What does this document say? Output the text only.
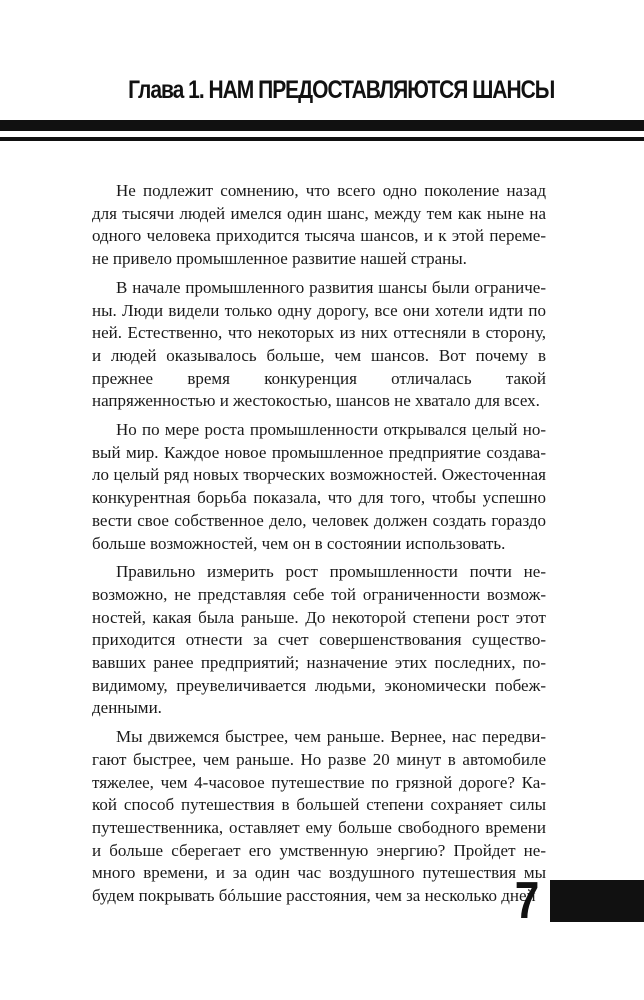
Глава 1. НАМ ПРЕДОСТАВЛЯЮТСЯ ШАНСЫ

Не подлежит сомнению, что всего одно поколение назад для тысячи людей имелся один шанс, между тем как ныне на одного человека приходится тысяча шансов, и к этой перемене привело промышленное развитие нашей страны.

В начале промышленного развития шансы были ограничены. Люди видели только одну дорогу, все они хотели идти по ней. Естественно, что некоторых из них оттесняли в сторону, и людей оказывалось больше, чем шансов. Вот почему в прежнее время конкуренция отличалась такой напряженностью и жестокостью, шансов не хватало для всех.

Но по мере роста промышленности открывался целый новый мир. Каждое новое промышленное предприятие создавало целый ряд новых творческих возможностей. Ожесточенная конкурентная борьба показала, что для того, чтобы успешно вести свое собственное дело, человек должен создать гораздо больше возможностей, чем он в состоянии использовать.

Правильно измерить рост промышленности почти невозможно, не представляя себе той ограниченности возможностей, какая была раньше. До некоторой степени рост этот приходится отнести за счет совершенствования существовавших ранее предприятий; назначение этих последних, по-видимому, преувеличивается людьми, экономически побежденными.

Мы движемся быстрее, чем раньше. Вернее, нас передвигают быстрее, чем раньше. Но разве 20 минут в автомобиле тяжелее, чем 4-часовое путешествие по грязной дороге? Какой способ путешествия в большей степени сохраняет силы путешественника, оставляет ему больше свободного времени и больше сберегает его умственную энергию? Пройдет немного времени, и за один час воздушного путешествия мы будем покрывать бóльшие расстояния, чем за несколько дней

7
